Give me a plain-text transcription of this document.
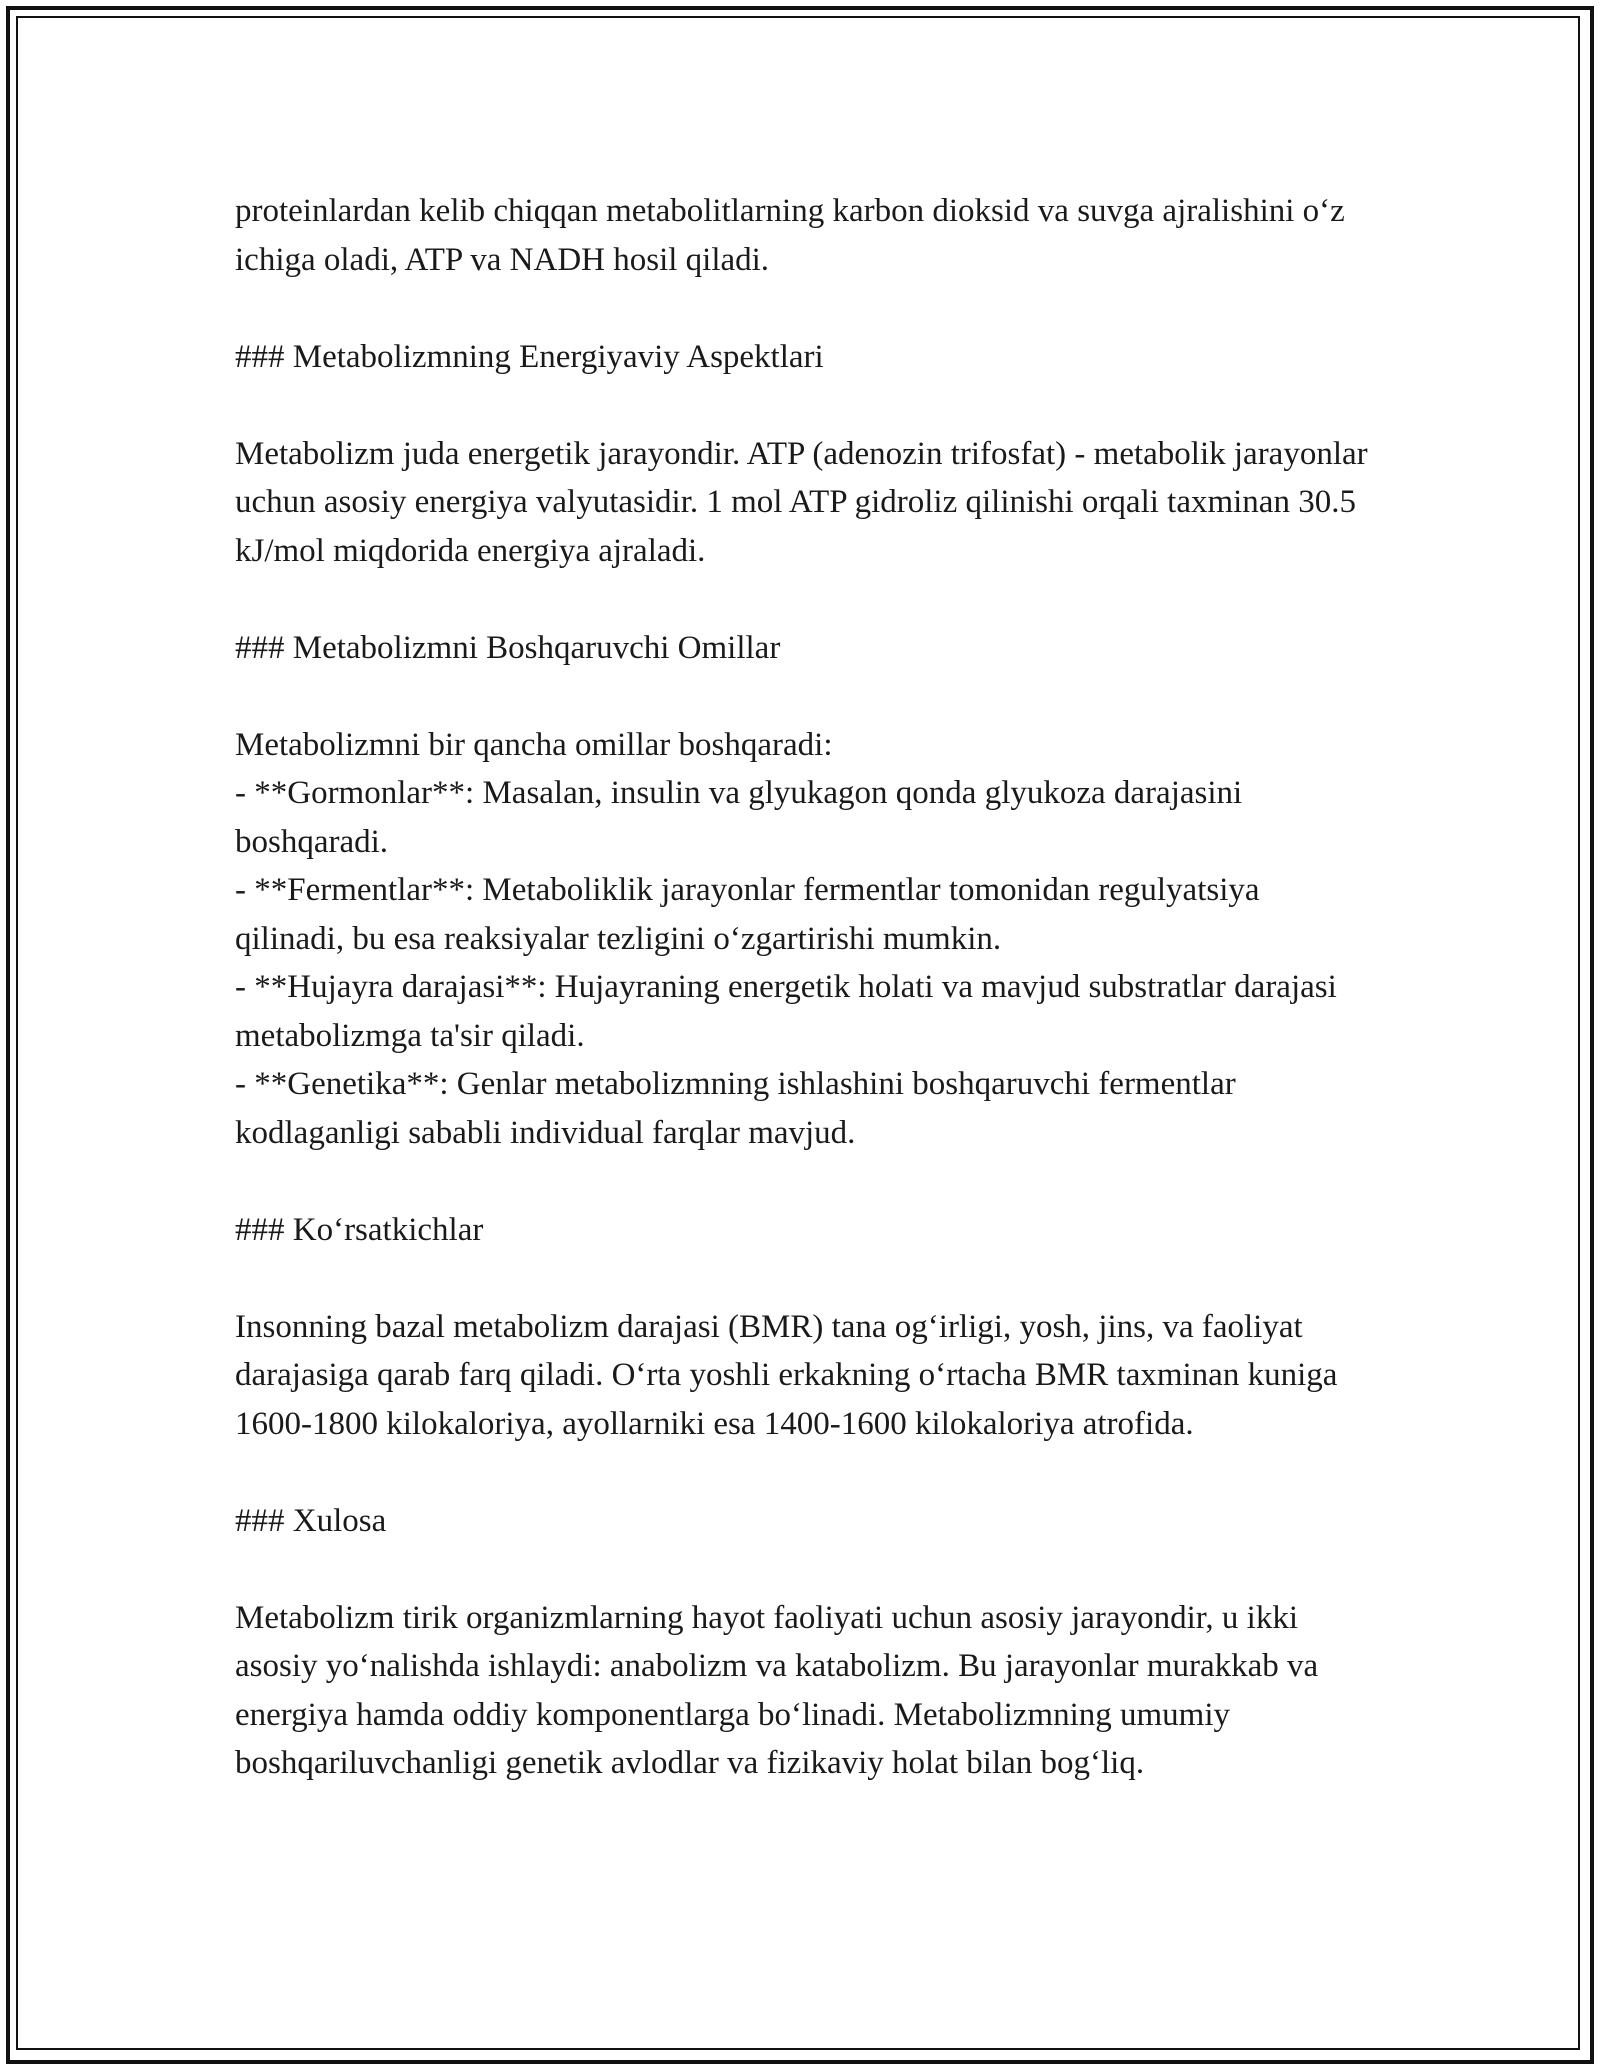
proteinlardan kelib chiqqan metabolitlarning karbon dioksid va suvga ajralishini o‘z ichiga oladi, ATP va NADH hosil qiladi.

### Metabolizmning Energiyaviy Aspektlari

Metabolizm juda energetik jarayondir. ATP (adenozin trifosfat) - metabolik jarayonlar uchun asosiy energiya valyutasidir. 1 mol ATP gidroliz qilinishi orqali taxminan 30.5 kJ/mol miqdorida energiya ajraladi.

### Metabolizmni Boshqaruvchi Omillar

Metabolizmni bir qancha omillar boshqaradi:

- **Gormonlar**: Masalan, insulin va glyukagon qonda glyukoza darajasini boshqaradi.

- **Fermentlar**: Metaboliklik jarayonlar fermentlar tomonidan regulyatsiya qilinadi, bu esa reaksiyalar tezligini o‘zgartirishi mumkin.

- **Hujayra darajasi**: Hujayraning energetik holati va mavjud substratlar darajasi metabolizmga ta'sir qiladi.

- **Genetika**: Genlar metabolizmning ishlashini boshqaruvchi fermentlar kodlaganligi sababli individual farqlar mavjud.

### Ko‘rsatkichlar

Insonning bazal metabolizm darajasi (BMR) tana og‘irligi, yosh, jins, va faoliyat darajasiga qarab farq qiladi. O‘rta yoshli erkakning o‘rtacha BMR taxminan kuniga 1600-1800 kilokaloriya, ayollarniki esa 1400-1600 kilokaloriya atrofida.

### Xulosa

Metabolizm tirik organizmlarning hayot faoliyati uchun asosiy jarayondir, u ikki asosiy yo‘nalishda ishlaydi: anabolizm va katabolizm. Bu jarayonlar murakkab va energiya hamda oddiy komponentlarga bo‘linadi. Metabolizmning umumiy boshqariluvchanligi genetik avlodlar va fizikaviy holat bilan bog‘liq.
